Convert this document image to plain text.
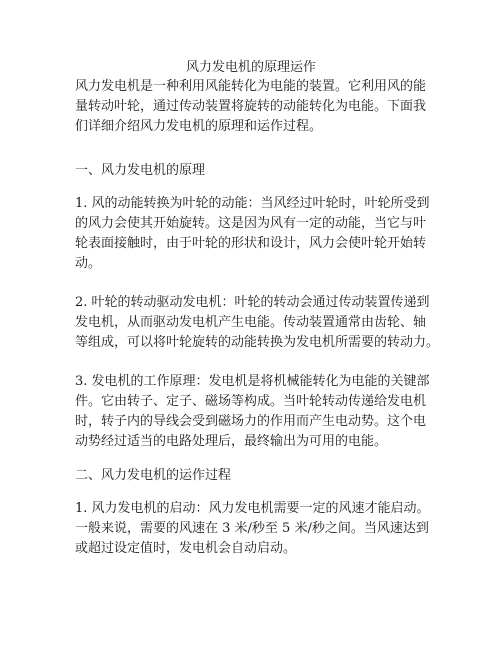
风力发电机的原理运作

风力发电机是一种利用风能转化为电能的装置。它利用风的能
量转动叶轮，通过传动装置将旋转的动能转化为电能。下面我
们详细介绍风力发电机的原理和运作过程。

一、风力发电机的原理

1. 风的动能转换为叶轮的动能：当风经过叶轮时，叶轮所受到
的风力会使其开始旋转。这是因为风有一定的动能，当它与叶
轮表面接触时，由于叶轮的形状和设计，风力会使叶轮开始转
动。

2. 叶轮的转动驱动发电机：叶轮的转动会通过传动装置传递到
发电机，从而驱动发电机产生电能。传动装置通常由齿轮、轴
等组成，可以将叶轮旋转的动能转换为发电机所需要的转动力。

3. 发电机的工作原理：发电机是将机械能转化为电能的关键部
件。它由转子、定子、磁场等构成。当叶轮转动传递给发电机
时，转子内的导线会受到磁场力的作用而产生电动势。这个电
动势经过适当的电路处理后，最终输出为可用的电能。

二、风力发电机的运作过程

1. 风力发电机的启动：风力发电机需要一定的风速才能启动。
一般来说，需要的风速在 3 米/秒至 5 米/秒之间。当风速达到
或超过设定值时，发电机会自动启动。
